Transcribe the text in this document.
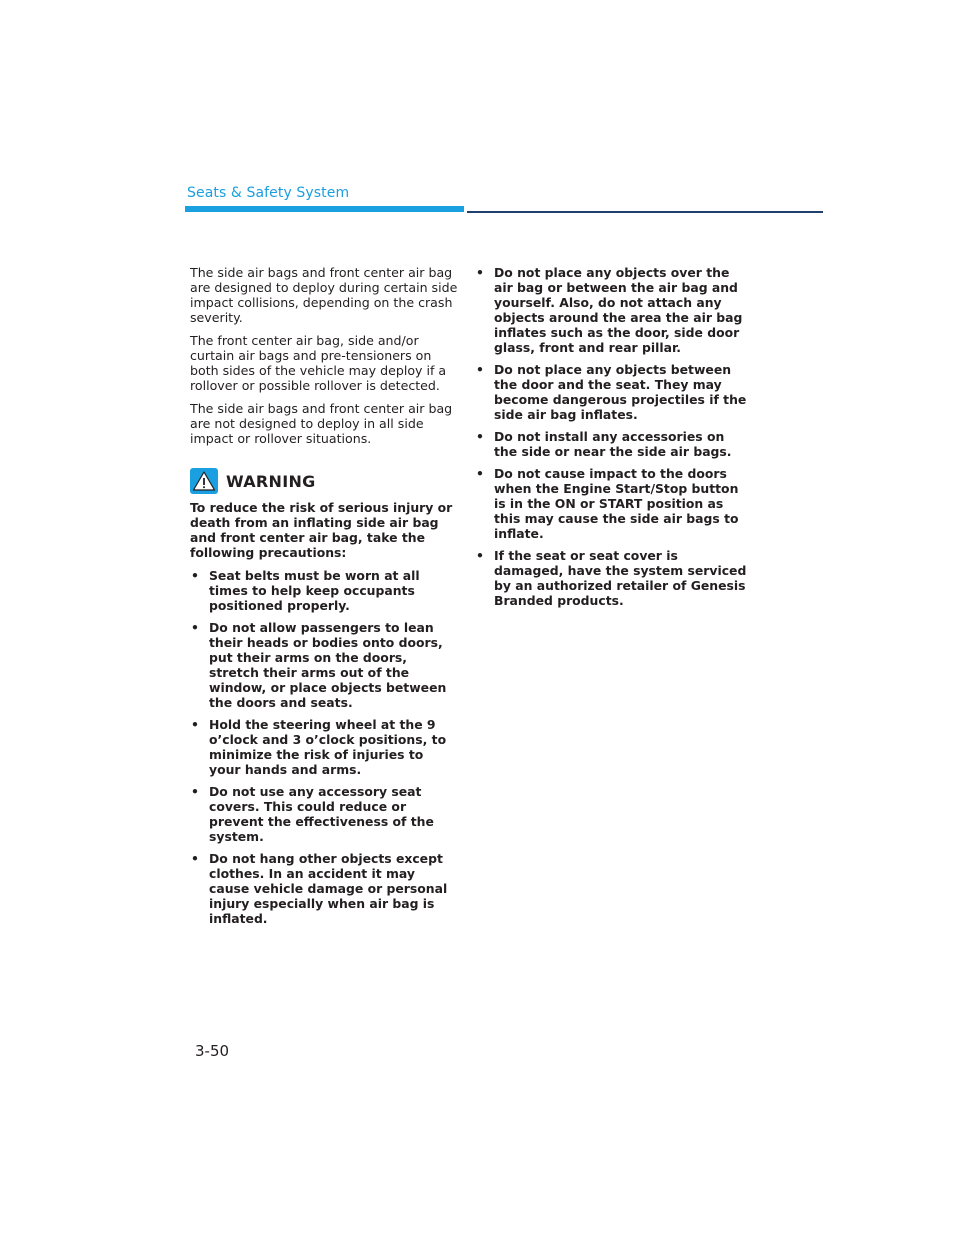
Seats & Safety System

The side air bags and front center air bag are designed to deploy during certain side impact collisions, depending on the crash severity.

The front center air bag, side and/or curtain air bags and pre-tensioners on both sides of the vehicle may deploy if a rollover or possible rollover is detected.

The side air bags and front center air bag are not designed to deploy in all side impact or rollover situations.

WARNING

To reduce the risk of serious injury or death from an inflating side air bag and front center air bag, take the following precautions:

• Seat belts must be worn at all times to help keep occupants positioned properly.
• Do not allow passengers to lean their heads or bodies onto doors, put their arms on the doors, stretch their arms out of the window, or place objects between the doors and seats.
• Hold the steering wheel at the 9 o’clock and 3 o’clock positions, to minimize the risk of injuries to your hands and arms.
• Do not use any accessory seat covers. This could reduce or prevent the effectiveness of the system.
• Do not hang other objects except clothes. In an accident it may cause vehicle damage or personal injury especially when air bag is inflated.
• Do not place any objects over the air bag or between the air bag and yourself. Also, do not attach any objects around the area the air bag inflates such as the door, side door glass, front and rear pillar.
• Do not place any objects between the door and the seat. They may become dangerous projectiles if the side air bag inflates.
• Do not install any accessories on the side or near the side air bags.
• Do not cause impact to the doors when the Engine Start/Stop button is in the ON or START position as this may cause the side air bags to inflate.
• If the seat or seat cover is damaged, have the system serviced by an authorized retailer of Genesis Branded products.
3-50
